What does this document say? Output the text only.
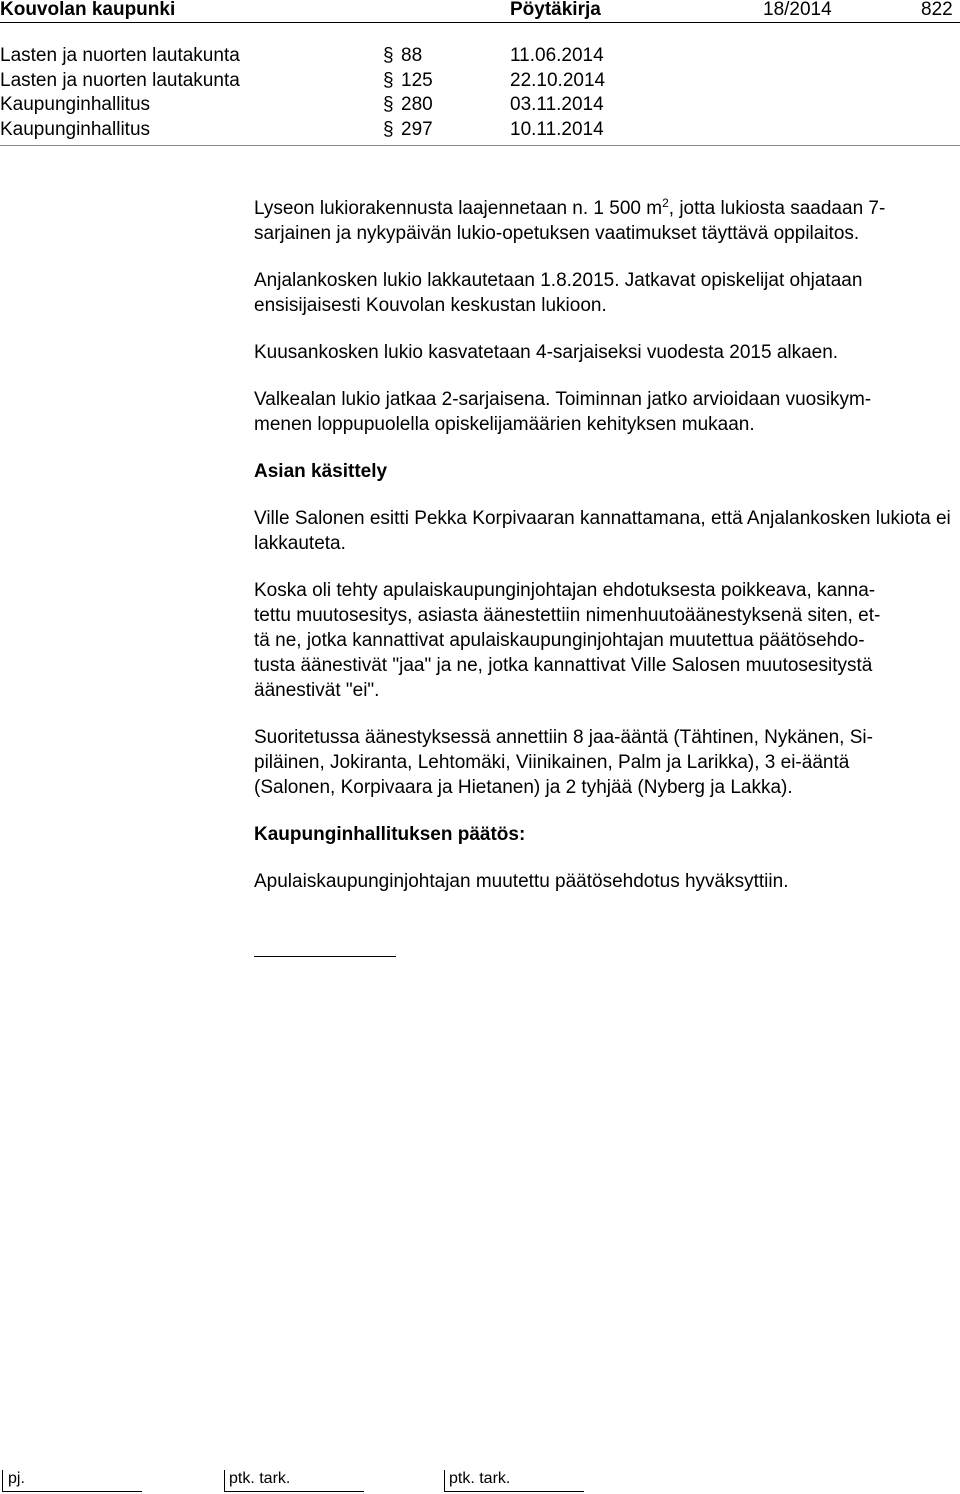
Kouvolan kaupunki	Pöytäkirja	18/2014	822
Lasten ja nuorten lautakunta	§ 88	11.06.2014
Lasten ja nuorten lautakunta	§ 125	22.10.2014
Kaupunginhallitus	§ 280	03.11.2014
Kaupunginhallitus	§ 297	10.11.2014

Lyseon lukiorakennusta laajennetaan n. 1 500 $m^2$, jotta lukiosta saadaan 7-sarjainen ja nykypäivän lukio-opetuksen vaatimukset täyttävä oppilaitos.

Anjalankosken lukio lakkautetaan 1.8.2015. Jatkavat opiskelijat ohjataan ensisijaisesti Kouvolan keskustan lukioon.

Kuusankosken lukio kasvatetaan 4-sarjaiseksi vuodesta 2015 alkaen.

Valkealan lukio jatkaa 2-sarjaisena. Toiminnan jatko arvioidaan vuosikym-
menen loppupuolella opiskelijamäärien kehityksen mukaan.

Asian käsittely

Ville Salonen esitti Pekka Korpivaaran kannattamana, että Anjalankosken lukiota ei lakkauteta.

Koska oli tehty apulaiskaupunginjohtajan ehdotuksesta poikkeava, kanna-
tettu muutosesitys, asiasta äänestettiin nimenhuutoäänestyksenä siten, et-
tä ne, jotka kannattivat apulaiskaupunginjohtajan muutettua päätösehdo-
tusta äänestivät "jaa" ja ne, jotka kannattivat Ville Salosen muutosesitystä
äänestivät "ei".

Suoritetussa äänestyksessä annettiin 8 jaa-ääntä (Tähtinen, Nykänen, Si-
piläinen, Jokiranta, Lehtomäki, Viinikainen, Palm ja Larikka), 3 ei-ääntä
(Salonen, Korpivaara ja Hietanen) ja 2 tyhjää (Nyberg ja Lakka).

Kaupunginhallituksen päätös:

Apulaiskaupunginjohtajan muutettu päätösehdotus hyväksyttiin.

pj.	ptk. tark.	ptk. tark.
